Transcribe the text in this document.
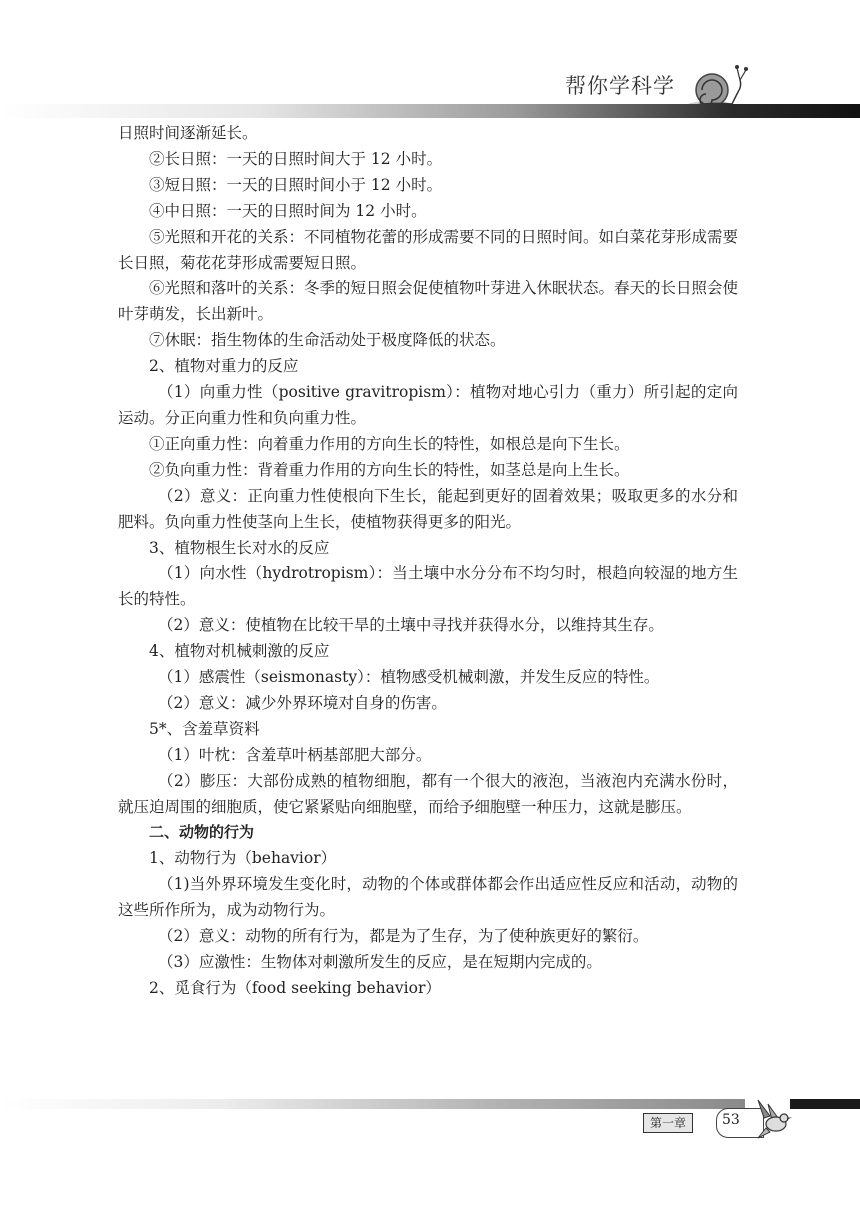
帮你学科学

日照时间逐渐延长。

②长日照：一天的日照时间大于 12 小时。

③短日照：一天的日照时间小于 12 小时。

④中日照：一天的日照时间为 12 小时。

⑤光照和开花的关系：不同植物花蕾的形成需要不同的日照时间。如白菜花芽形成需要长日照，菊花花芽形成需要短日照。

⑥光照和落叶的关系：冬季的短日照会促使植物叶芽进入休眠状态。春天的长日照会使叶芽萌发，长出新叶。

⑦休眠：指生物体的生命活动处于极度降低的状态。

2、植物对重力的反应

（1）向重力性（positive gravitropism）：植物对地心引力（重力）所引起的定向运动。分正向重力性和负向重力性。

①正向重力性：向着重力作用的方向生长的特性，如根总是向下生长。

②负向重力性：背着重力作用的方向生长的特性，如茎总是向上生长。

（2）意义：正向重力性使根向下生长，能起到更好的固着效果；吸取更多的水分和肥料。负向重力性使茎向上生长，使植物获得更多的阳光。

3、植物根生长对水的反应

（1）向水性（hydrotropism）：当土壤中水分分布不均匀时，根趋向较湿的地方生长的特性。

（2）意义：使植物在比较干旱的土壤中寻找并获得水分，以维持其生存。

4、植物对机械刺激的反应

（1）感震性（seismonasty）：植物感受机械刺激，并发生反应的特性。

（2）意义：减少外界环境对自身的伤害。

5*、含羞草资料

（1）叶枕：含羞草叶柄基部肥大部分。

（2）膨压：大部份成熟的植物细胞，都有一个很大的液泡，当液泡内充满水份时，就压迫周围的细胞质，使它紧紧贴向细胞壁，而给予细胞壁一种压力，这就是膨压。

二、动物的行为

1、动物行为（behavior）

（1)当外界环境发生变化时，动物的个体或群体都会作出适应性反应和活动，动物的这些所作所为，成为动物行为。

（2）意义：动物的所有行为，都是为了生存，为了使种族更好的繁衍。

（3）应激性：生物体对刺激所发生的反应，是在短期内完成的。

2、觅食行为（food seeking behavior）

第一章	53
